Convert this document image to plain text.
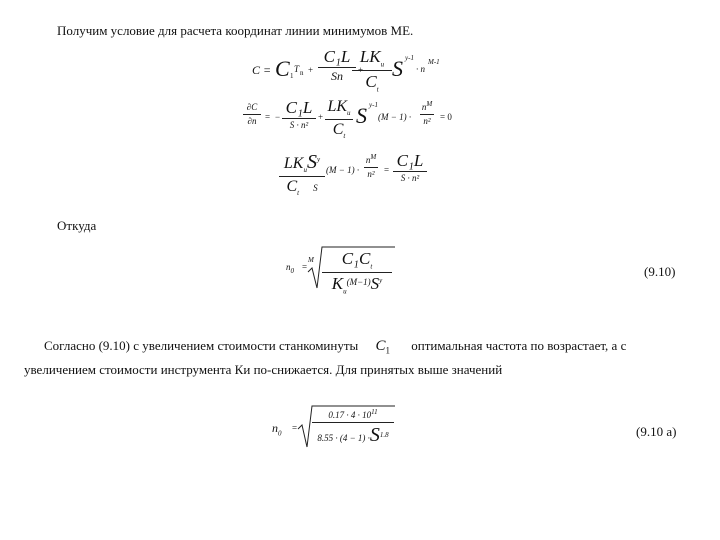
Получим условие для расчета координат линии минимумов МЕ.
Откуда
Согласно (9.10) с увеличением стоимости станкоминуты $C_1$ оптимальная частота по возрастает, а с
увеличением стоимости инструмента Ки по-снижается. Для принятых выше значений
(9.10)
(9.10 а)
C = C 1
T n +
C₁L
Sn +
$LK_u$
$C_t$
S y-1
· n
M-1
∂C
∂n = − C₁L
S · n²
+
$LK_u$
$C_t$
S y-1
(M − 1) ·
$n^M$
n² = 0
$LK_uS^y$
$C_tS$
(M − 1) ·
$n^M$
n² = C₁L
S · n²
$n_0$ =
M $C_1C_t$
$K_u^{(M-1)}S^y$
$n_0$
=
$0.17 \cdot 4 \cdot 10^{11}$
$8.55 \cdot (4 - 1) \cdot S^{1.8}$
